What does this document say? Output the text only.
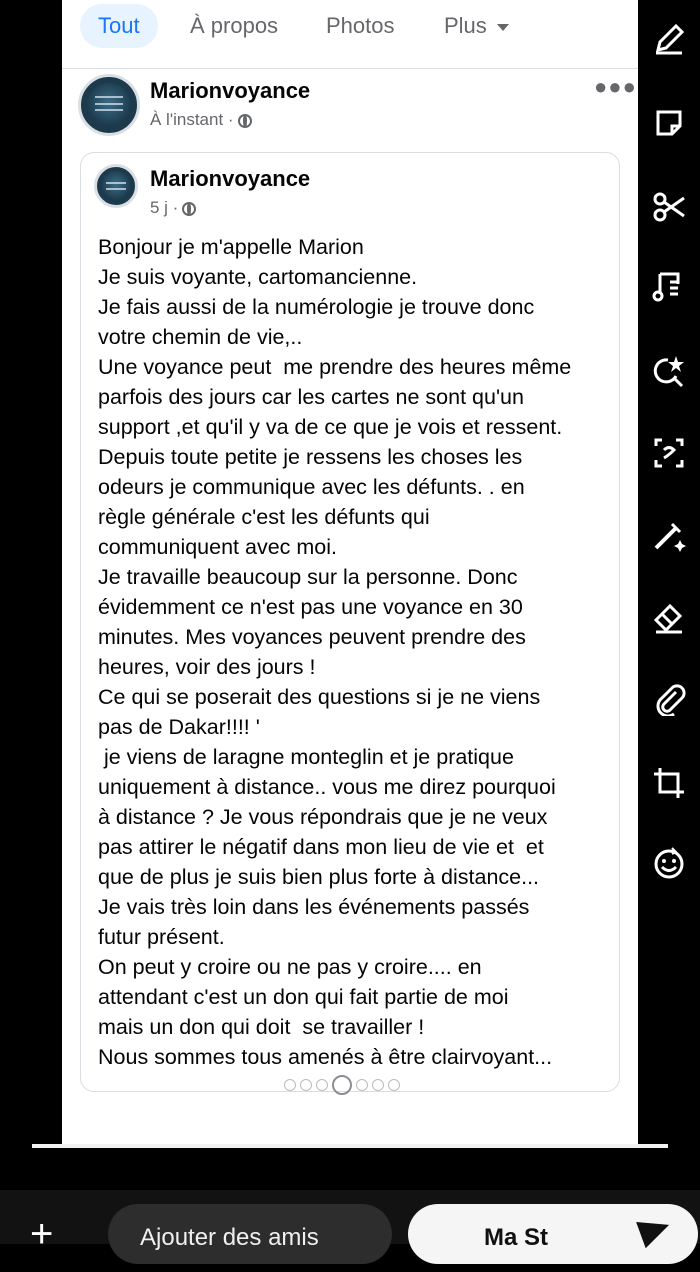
Tout	À propos	Photos	Plus
Marionvoyance
À l'instant ·
●●●
Marionvoyance
5 j ·

Bonjour je m'appelle Marion
Je suis voyante, cartomancienne.
Je fais aussi de la numérologie je trouve donc
votre chemin de vie,..
Une voyance peut  me prendre des heures même
parfois des jours car les cartes ne sont qu'un
support ,et qu'il y va de ce que je vois et ressent.
Depuis toute petite je ressens les choses les
odeurs je communique avec les défunts. . en
règle générale c'est les défunts qui
communiquent avec moi.
Je travaille beaucoup sur la personne. Donc
évidemment ce n'est pas une voyance en 30
minutes. Mes voyances peuvent prendre des
heures, voir des jours !
Ce qui se poserait des questions si je ne viens
pas de Dakar!!!! '
je viens de laragne monteglin et je pratique
uniquement à distance.. vous me direz pourquoi
à distance ? Je vous répondrais que je ne veux
pas attirer le négatif dans mon lieu de vie et  et
que de plus je suis bien plus forte à distance...
Je vais très loin dans les événements passés
futur présent.
On peut y croire ou ne pas y croire.... en
attendant c'est un don qui fait partie de moi
mais un don qui doit  se travailler !
Nous sommes tous amenés à être clairvoyant...

+	Ajouter des amis	Ma St
